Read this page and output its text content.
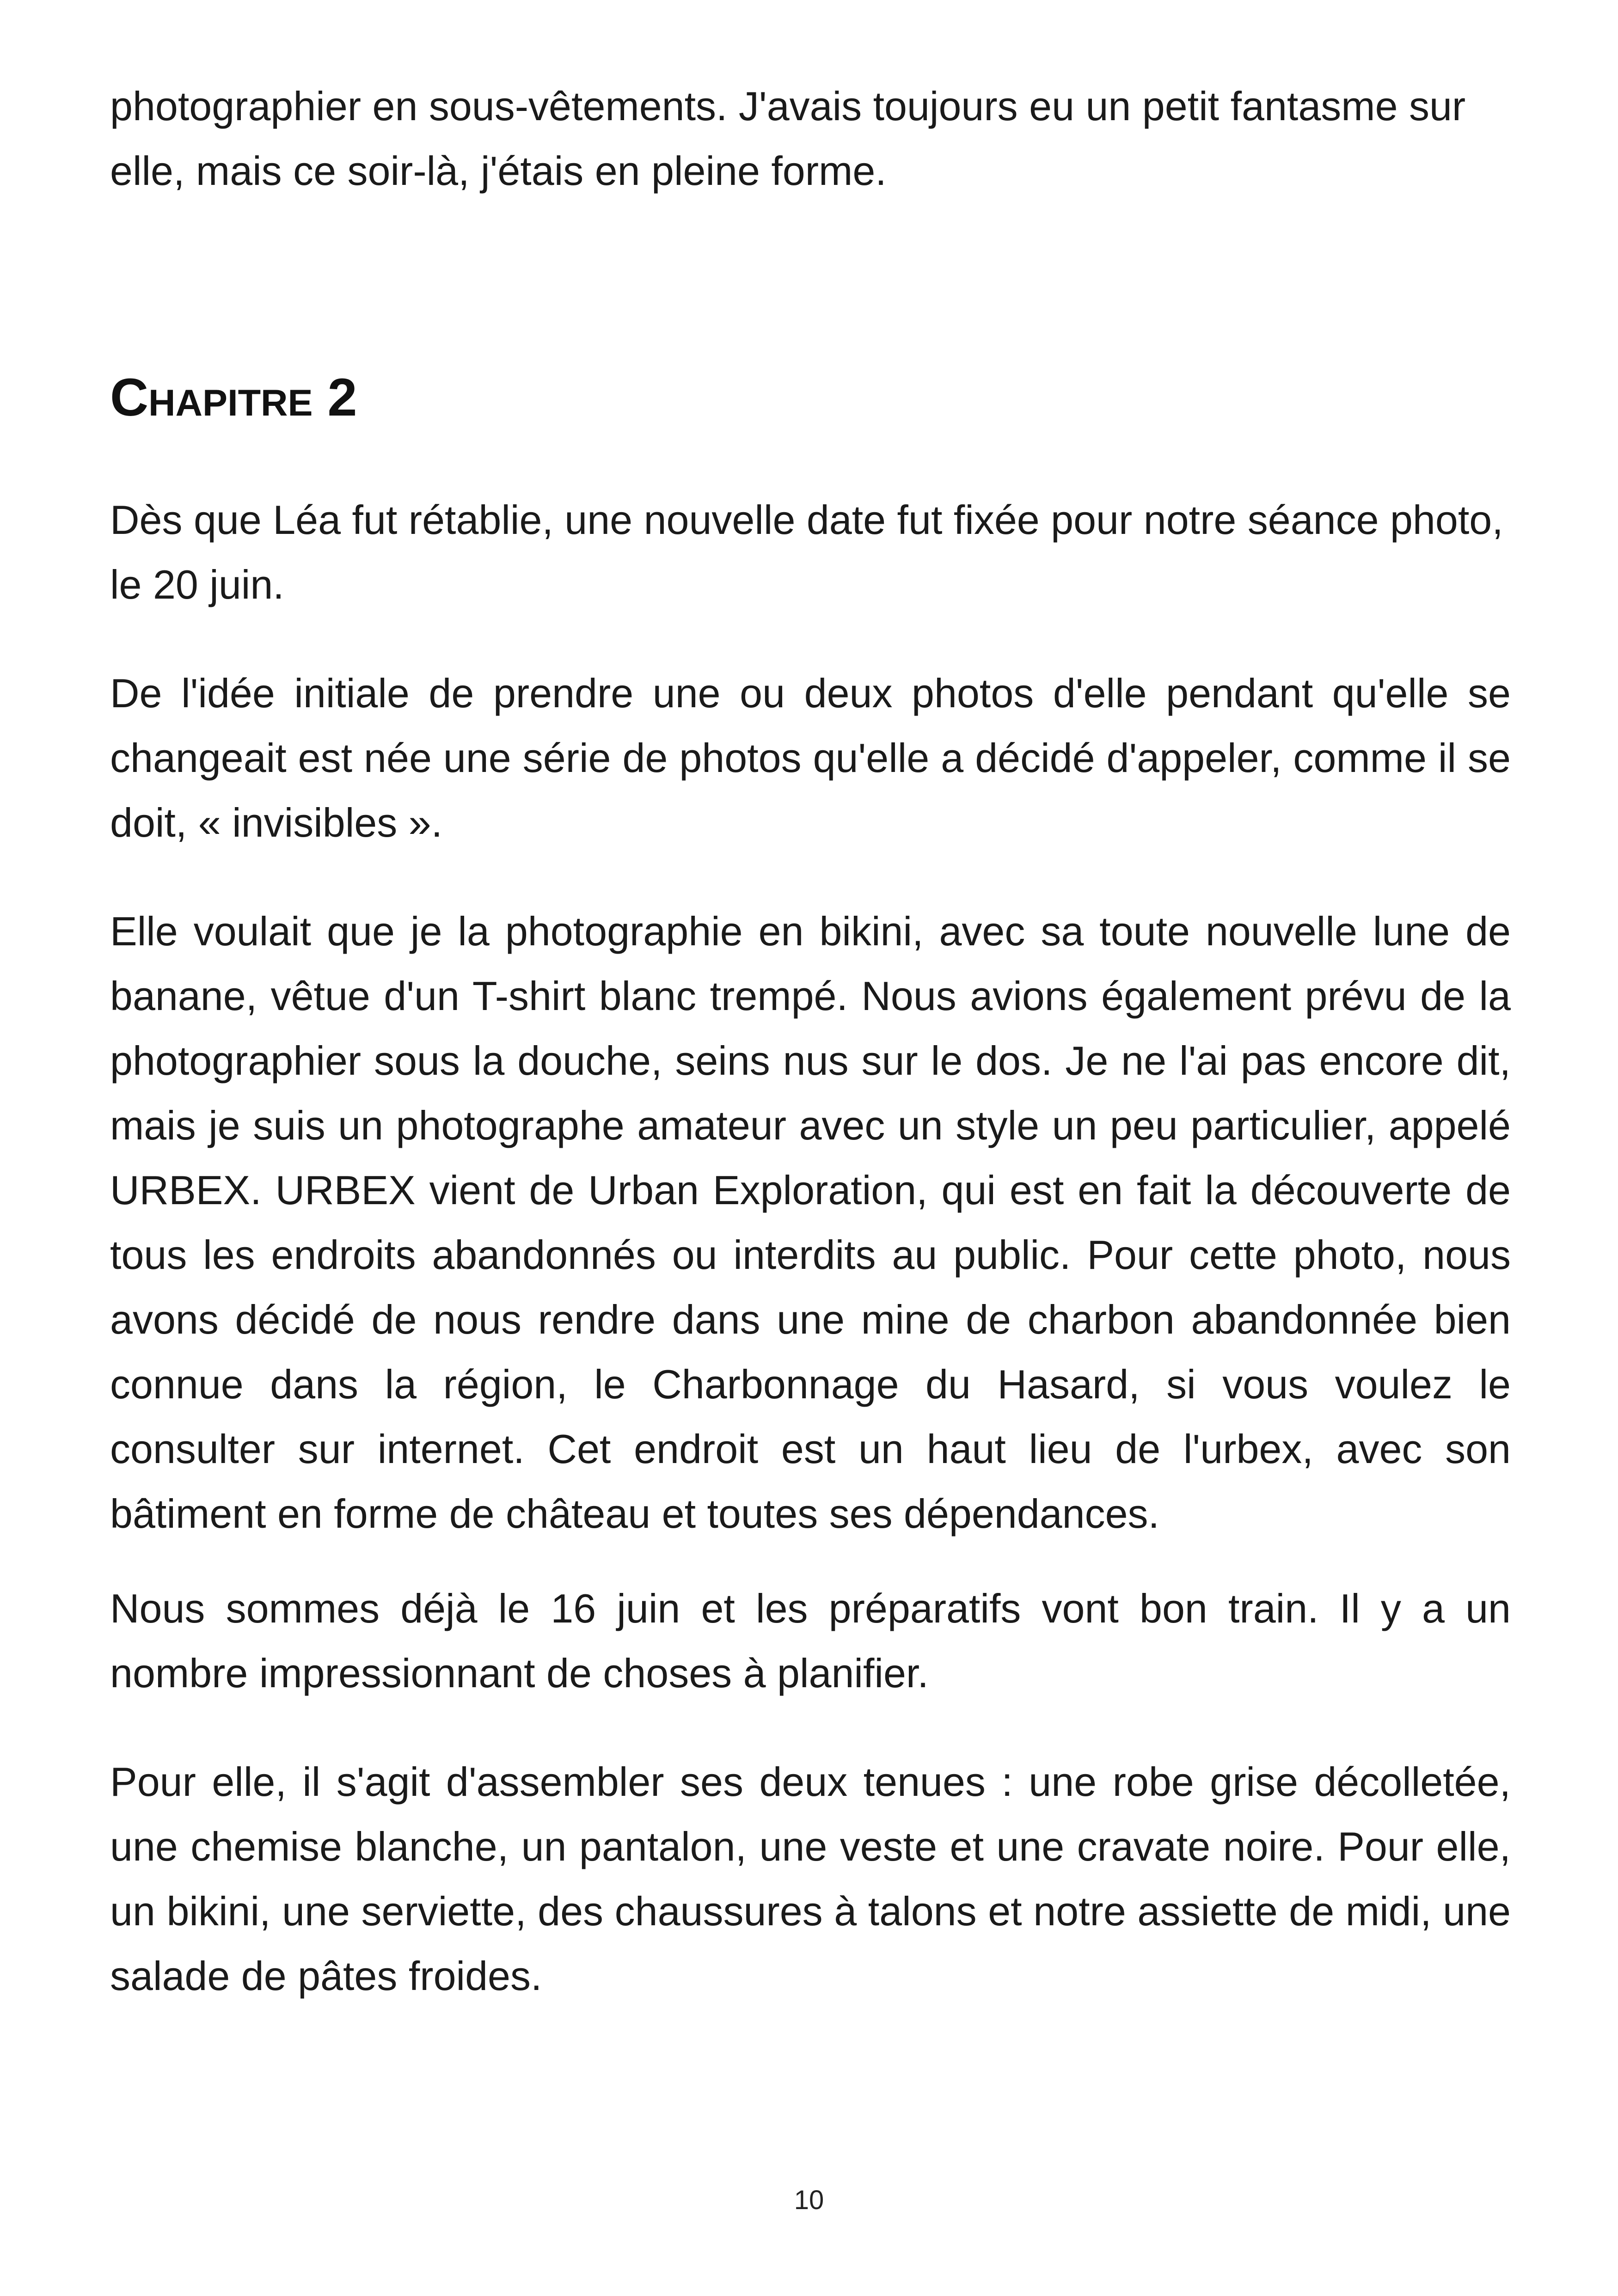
photographier en sous-vêtements. J'avais toujours eu un petit fantasme sur elle, mais ce soir-là, j'étais en pleine forme.

Chapitre 2

Dès que Léa fut rétablie, une nouvelle date fut fixée pour notre séance photo, le 20 juin.

De l'idée initiale de prendre une ou deux photos d'elle pendant qu'elle se changeait est née une série de photos qu'elle a décidé d'appeler, comme il se doit, « invisibles ».

Elle voulait que je la photographie en bikini, avec sa toute nouvelle lune de banane, vêtue d'un T-shirt blanc trempé. Nous avions également prévu de la photographier sous la douche, seins nus sur le dos. Je ne l'ai pas encore dit, mais je suis un photographe amateur avec un style un peu particulier, appelé URBEX. URBEX vient de Urban Exploration, qui est en fait la découverte de tous les endroits abandonnés ou interdits au public. Pour cette photo, nous avons décidé de nous rendre dans une mine de charbon abandonnée bien connue dans la région, le Charbonnage du Hasard, si vous voulez le consulter sur internet. Cet endroit est un haut lieu de l'urbex, avec son bâtiment en forme de château et toutes ses dépendances.

Nous sommes déjà le 16 juin et les préparatifs vont bon train. Il y a un nombre impressionnant de choses à planifier.

Pour elle, il s'agit d'assembler ses deux tenues : une robe grise décolletée, une chemise blanche, un pantalon, une veste et une cravate noire. Pour elle, un bikini, une serviette, des chaussures à talons et notre assiette de midi, une salade de pâtes froides.

10
